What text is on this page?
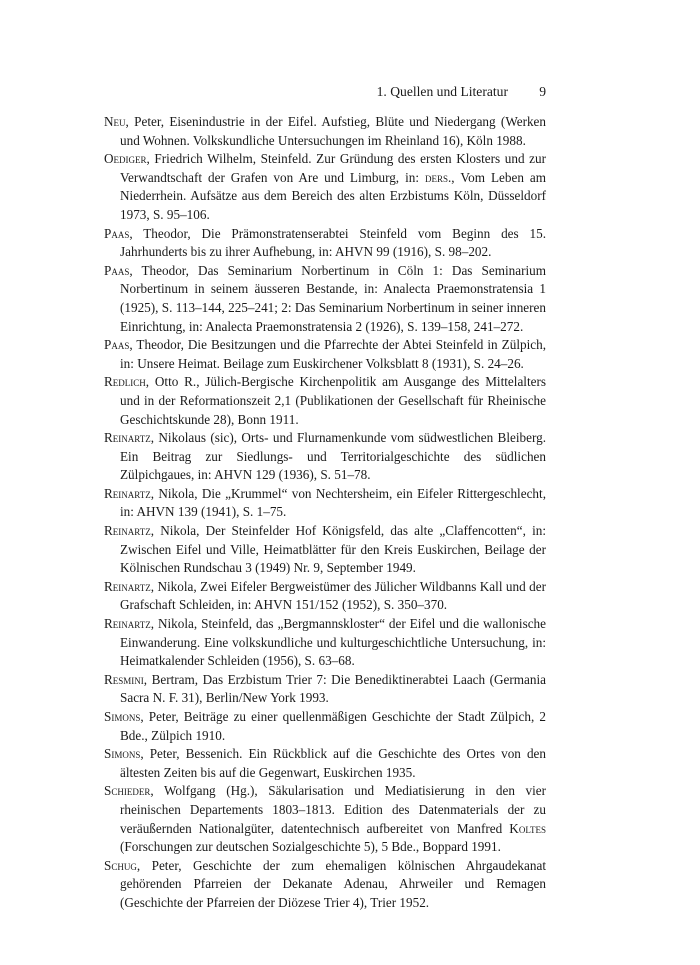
1. Quellen und Literatur 9

Neu, Peter, Eisenindustrie in der Eifel. Aufstieg, Blüte und Niedergang (Werken und Wohnen. Volkskundliche Untersuchungen im Rheinland 16), Köln 1988.

Oediger, Friedrich Wilhelm, Steinfeld. Zur Gründung des ersten Klosters und zur Verwandtschaft der Grafen von Are und Limburg, in: ders., Vom Leben am Niederrhein. Aufsätze aus dem Bereich des alten Erzbistums Köln, Düsseldorf 1973, S. 95–106.

Paas, Theodor, Die Prämonstratenserabtei Steinfeld vom Beginn des 15. Jahrhunderts bis zu ihrer Aufhebung, in: AHVN 99 (1916), S. 98–202.

Paas, Theodor, Das Seminarium Norbertinum in Cöln 1: Das Seminarium Norbertinum in seinem äusseren Bestande, in: Analecta Praemonstratensia 1 (1925), S. 113–144, 225–241; 2: Das Seminarium Norbertinum in seiner inneren Einrichtung, in: Analecta Praemonstratensia 2 (1926), S. 139–158, 241–272.

Paas, Theodor, Die Besitzungen und die Pfarrechte der Abtei Steinfeld in Zülpich, in: Unsere Heimat. Beilage zum Euskirchener Volksblatt 8 (1931), S. 24–26.

Redlich, Otto R., Jülich-Bergische Kirchenpolitik am Ausgange des Mittelalters und in der Reformationszeit 2,1 (Publikationen der Gesellschaft für Rheinische Geschichtskunde 28), Bonn 1911.

Reinartz, Nikolaus (sic), Orts- und Flurnamenkunde vom südwestlichen Bleiberg. Ein Beitrag zur Siedlungs- und Territorialgeschichte des südlichen Zülpichgaues, in: AHVN 129 (1936), S. 51–78.

Reinartz, Nikola, Die „Krummel“ von Nechtersheim, ein Eifeler Rittergeschlecht, in: AHVN 139 (1941), S. 1–75.

Reinartz, Nikola, Der Steinfelder Hof Königsfeld, das alte „Claffencotten“, in: Zwischen Eifel und Ville, Heimatblätter für den Kreis Euskirchen, Beilage der Kölnischen Rundschau 3 (1949) Nr. 9, September 1949.

Reinartz, Nikola, Zwei Eifeler Bergweistümer des Jülicher Wildbanns Kall und der Grafschaft Schleiden, in: AHVN 151/152 (1952), S. 350–370.

Reinartz, Nikola, Steinfeld, das „Bergmannskloster“ der Eifel und die wallonische Einwanderung. Eine volkskundliche und kulturgeschichtliche Untersuchung, in: Heimatkalender Schleiden (1956), S. 63–68.

Resmini, Bertram, Das Erzbistum Trier 7: Die Benediktinerabtei Laach (Germania Sacra N. F. 31), Berlin/New York 1993.

Simons, Peter, Beiträge zu einer quellenmäßigen Geschichte der Stadt Zülpich, 2 Bde., Zülpich 1910.

Simons, Peter, Bessenich. Ein Rückblick auf die Geschichte des Ortes von den ältesten Zeiten bis auf die Gegenwart, Euskirchen 1935.

Schieder, Wolfgang (Hg.), Säkularisation und Mediatisierung in den vier rheinischen Departements 1803–1813. Edition des Datenmaterials der zu veräußernden Nationalgüter, datentechnisch aufbereitet von Manfred Koltes (Forschungen zur deutschen Sozialgeschichte 5), 5 Bde., Boppard 1991.

Schug, Peter, Geschichte der zum ehemaligen kölnischen Ahrgaudekanat gehörenden Pfarreien der Dekanate Adenau, Ahrweiler und Remagen (Geschichte der Pfarreien der Diözese Trier 4), Trier 1952.
